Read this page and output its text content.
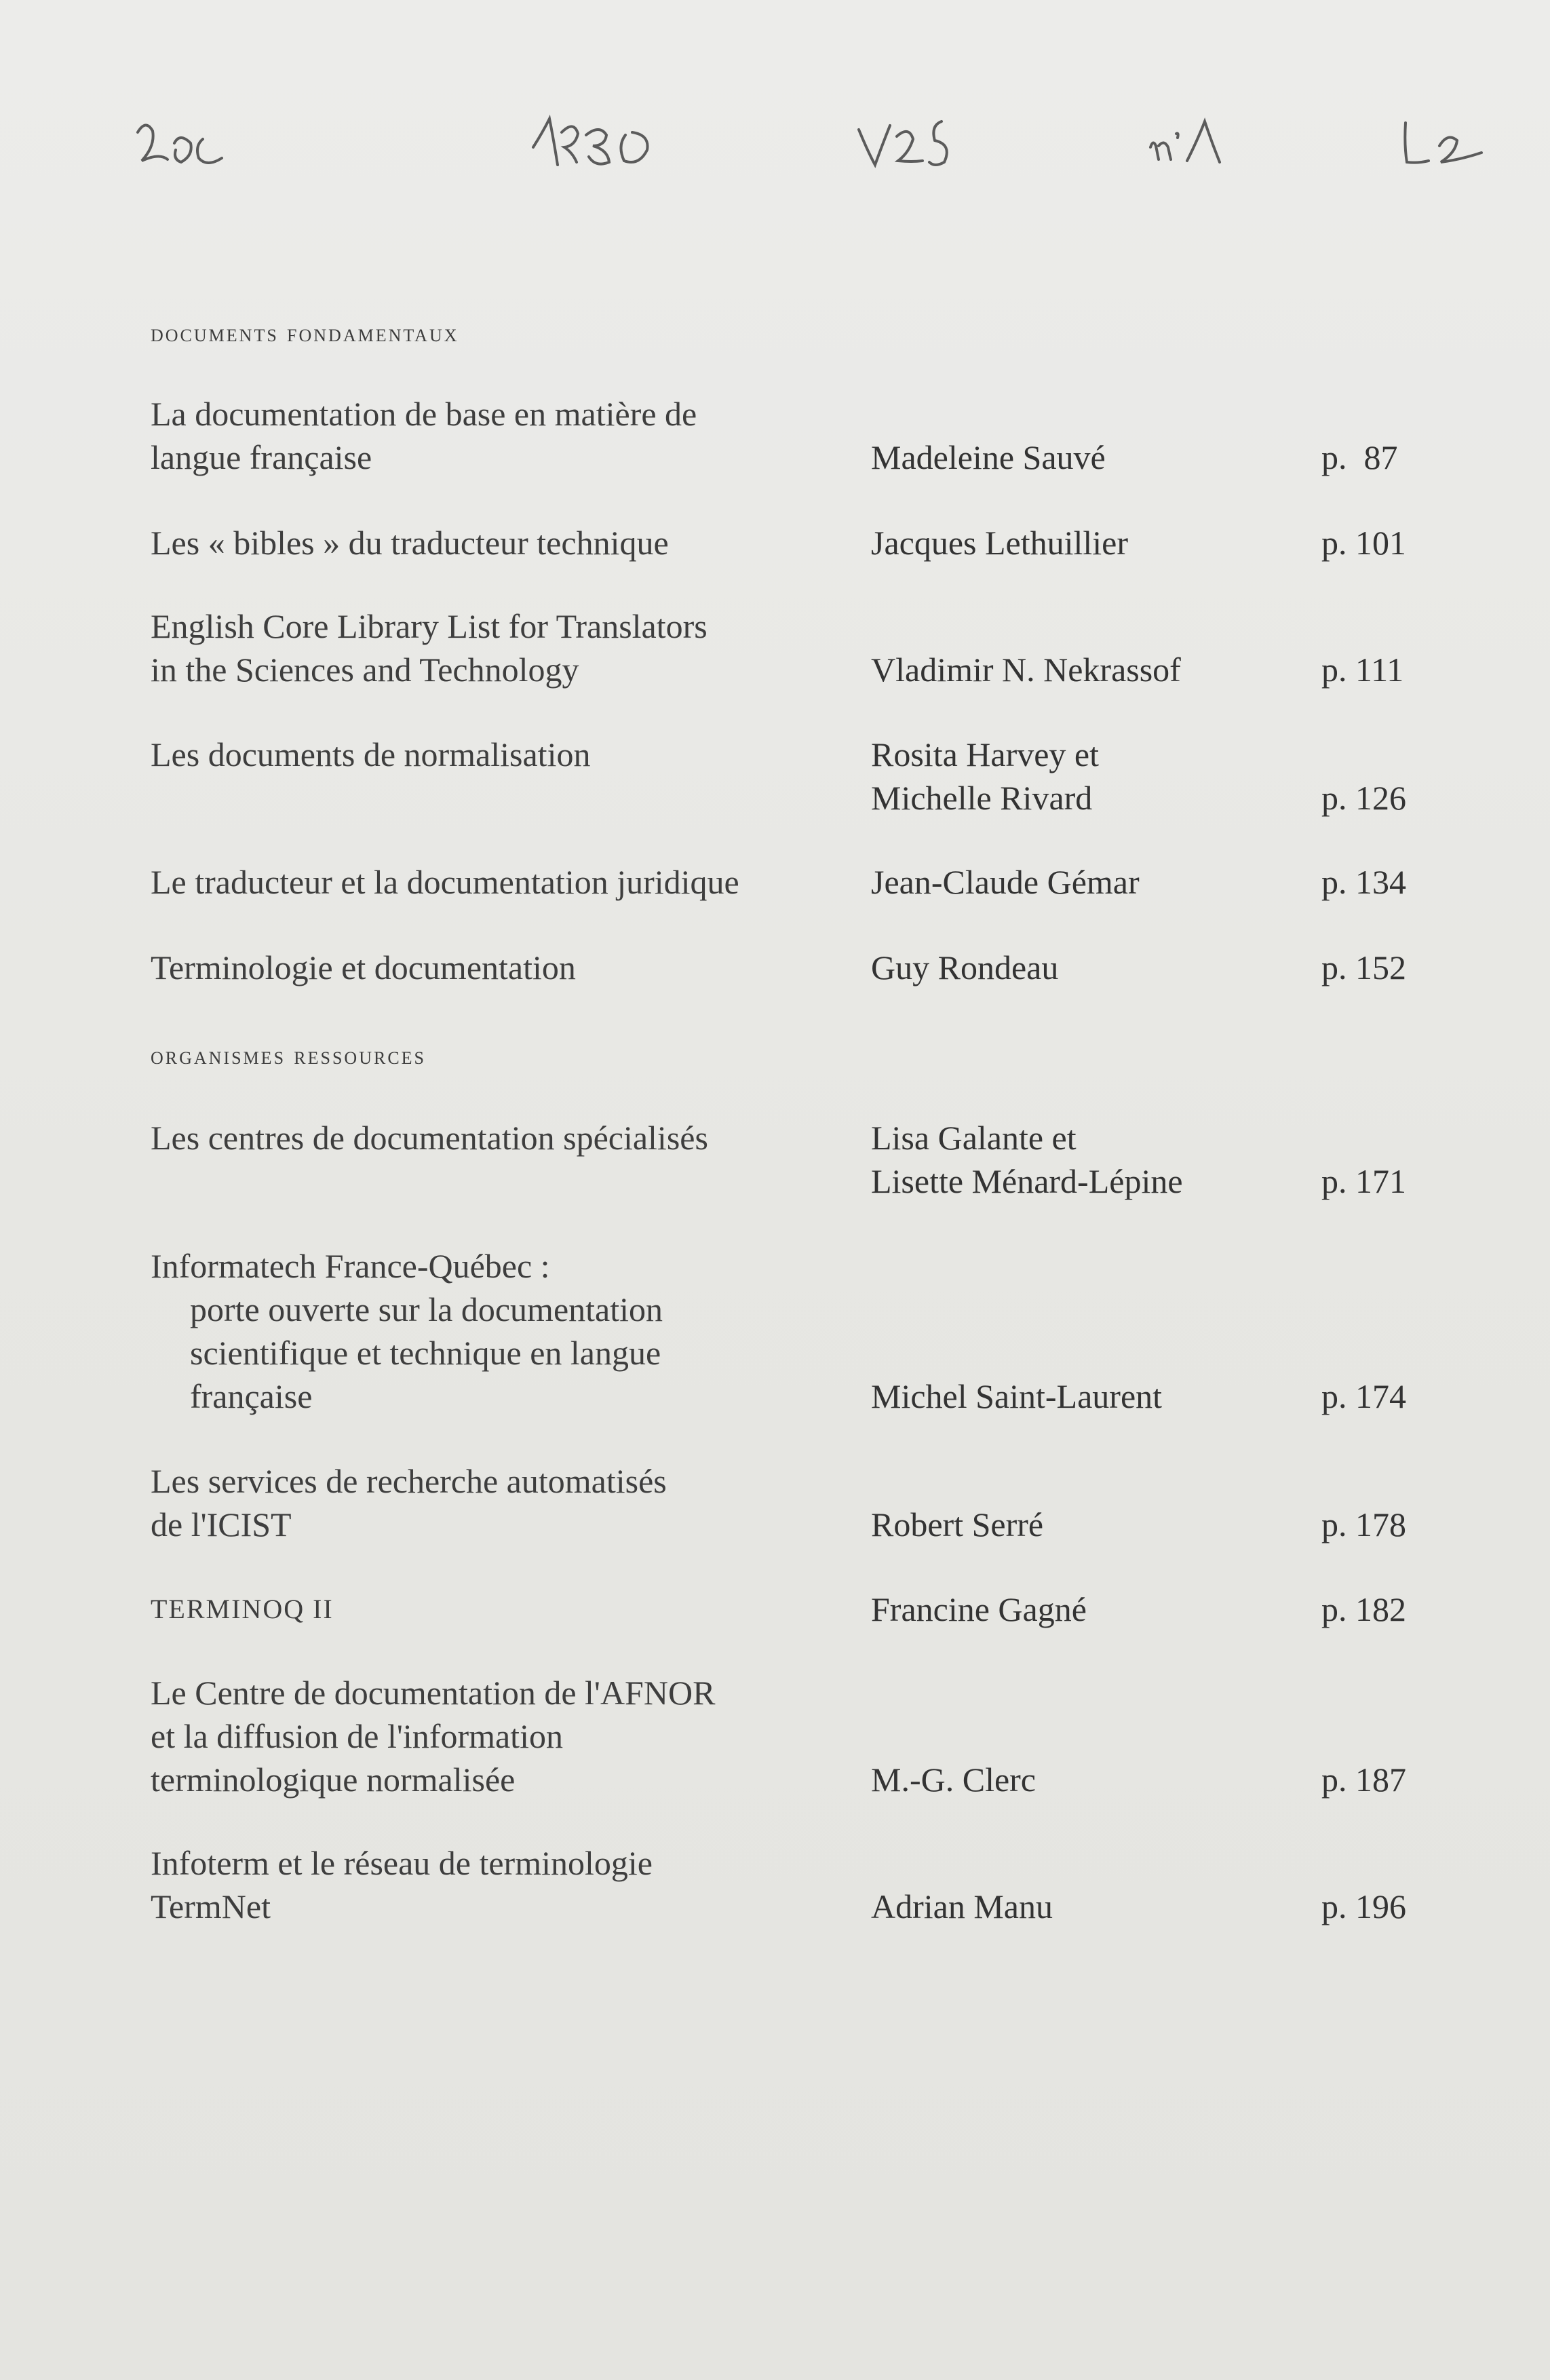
documents fondamentaux
La documentation de base en matière de
langue française	Madeleine Sauvé	p.  87
Les « bibles » du traducteur technique	Jacques Lethuillier	p. 101
English Core Library List for Translators
in the Sciences and Technology	Vladimir N. Nekrassof	p. 111
Les documents de normalisation	Rosita Harvey et
Michelle Rivard	p. 126
Le traducteur et la documentation juridique	Jean-Claude Gémar	p. 134
Terminologie et documentation	Guy Rondeau	p. 152
organismes ressources
Les centres de documentation spécialisés	Lisa Galante et
Lisette Ménard-Lépine	p. 171
Informatech France-Québec :
porte ouverte sur la documentation
scientifique et technique en langue
française	Michel Saint-Laurent	p. 174
Les services de recherche automatisés
de l'ICIST	Robert Serré	p. 178
TERMINOQ II	Francine Gagné	p. 182
Le Centre de documentation de l'AFNOR
et la diffusion de l'information
terminologique normalisée	M.-G. Clerc	p. 187
Infoterm et le réseau de terminologie
TermNet	Adrian Manu	p. 196
